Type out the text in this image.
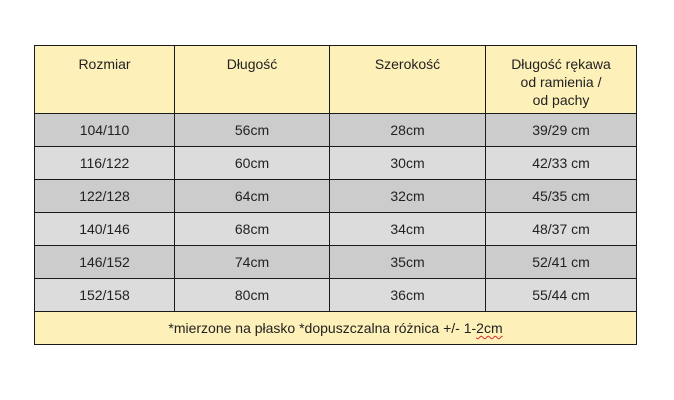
Rozmiar	Długość	Szerokość	Długość rękawa
od ramienia /
od pachy

104/110	56cm	28cm	39/29 cm
116/122	60cm	30cm	42/33 cm
122/128	64cm	32cm	45/35 cm
140/146	68cm	34cm	48/37 cm
146/152	74cm	35cm	52/41 cm
152/158	80cm	36cm	55/44 cm
*mierzone na płasko *dopuszczalna różnica +/- 1-2cm			
